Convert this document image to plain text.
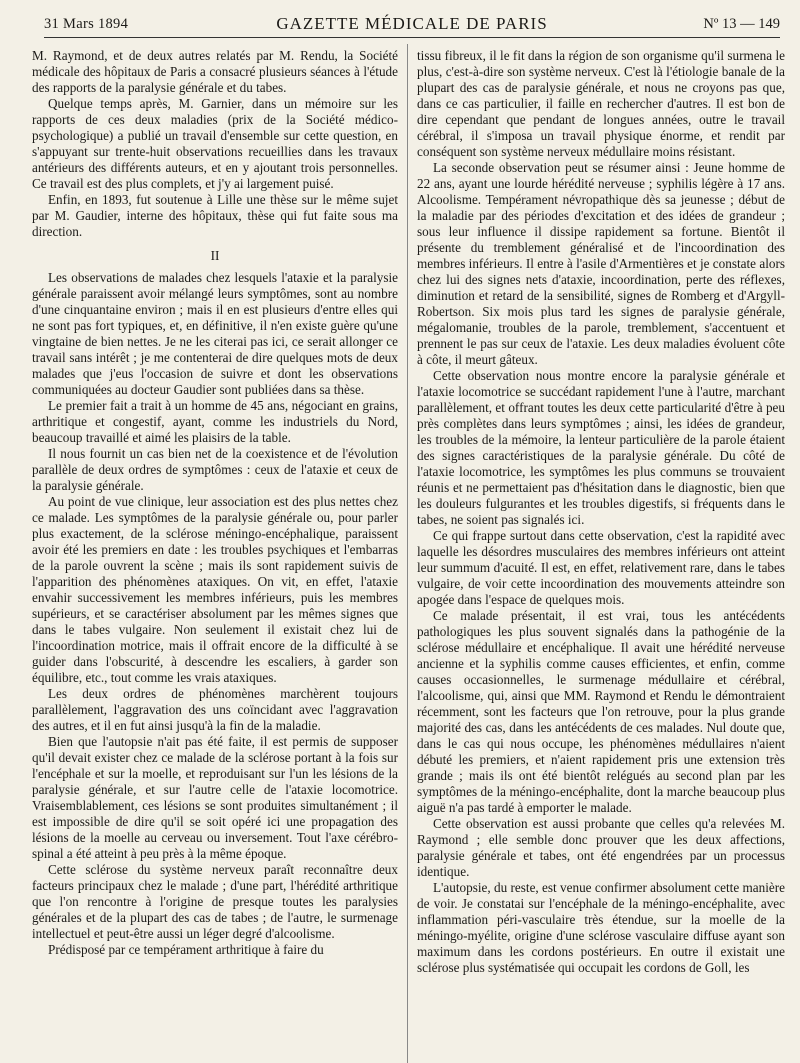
31 Mars 1894	GAZETTE MÉDICALE DE PARIS	Nº 13 — 149

M. Raymond, et de deux autres relatés par M. Rendu, la Société médicale des hôpitaux de Paris a consacré plusieurs séances à l'étude des rapports de la paralysie générale et du tabes.

Quelque temps après, M. Garnier, dans un mémoire sur les rapports de ces deux maladies (prix de la Société médico-psychologique) a publié un travail d'ensemble sur cette question, en s'appuyant sur trente-huit observations recueillies dans les travaux antérieurs des différents auteurs, et en y ajoutant trois personnelles. Ce travail est des plus complets, et j'y ai largement puisé.

Enfin, en 1893, fut soutenue à Lille une thèse sur le même sujet par M. Gaudier, interne des hôpitaux, thèse qui fut faite sous ma direction.

II

Les observations de malades chez lesquels l'ataxie et la paralysie générale paraissent avoir mélangé leurs symptômes, sont au nombre d'une cinquantaine environ ; mais il en est plusieurs d'entre elles qui ne sont pas fort typiques, et, en définitive, il n'en existe guère qu'une vingtaine de bien nettes. Je ne les citerai pas ici, ce serait allonger ce travail sans intérêt ; je me contenterai de dire quelques mots de deux malades que j'eus l'occasion de suivre et dont les observations communiquées au docteur Gaudier sont publiées dans sa thèse.

Le premier fait a trait à un homme de 45 ans, négociant en grains, arthritique et congestif, ayant, comme les industriels du Nord, beaucoup travaillé et aimé les plaisirs de la table.

Il nous fournit un cas bien net de la coexistence et de l'évolution parallèle de deux ordres de symptômes : ceux de l'ataxie et ceux de la paralysie générale.

Au point de vue clinique, leur association est des plus nettes chez ce malade. Les symptômes de la paralysie générale ou, pour parler plus exactement, de la sclérose méningo-encéphalique, paraissent avoir été les premiers en date : les troubles psychiques et l'embarras de la parole ouvrent la scène ; mais ils sont rapidement suivis de l'apparition des phénomènes ataxiques. On vit, en effet, l'ataxie envahir successivement les membres inférieurs, puis les membres supérieurs, et se caractériser absolument par les mêmes signes que dans le tabes vulgaire. Non seulement il existait chez lui de l'incoordination motrice, mais il offrait encore de la difficulté à se guider dans l'obscurité, à descendre les escaliers, à garder son équilibre, etc., tout comme les vrais ataxiques.

Les deux ordres de phénomènes marchèrent toujours parallèlement, l'aggravation des uns coïncidant avec l'aggravation des autres, et il en fut ainsi jusqu'à la fin de la maladie.

Bien que l'autopsie n'ait pas été faite, il est permis de supposer qu'il devait exister chez ce malade de la sclérose portant à la fois sur l'encéphale et sur la moelle, et reproduisant sur l'un les lésions de la paralysie générale, et sur l'autre celle de l'ataxie locomotrice. Vraisemblablement, ces lésions se sont produites simultanément ; il est impossible de dire qu'il se soit opéré ici une propagation des lésions de la moelle au cerveau ou inversement. Tout l'axe cérébro-spinal a été atteint à peu près à la même époque.

Cette sclérose du système nerveux paraît reconnaître deux facteurs principaux chez le malade ; d'une part, l'hérédité arthritique que l'on rencontre à l'origine de presque toutes les paralysies générales et de la plupart des cas de tabes ; de l'autre, le surmenage intellectuel et peut-être aussi un léger degré d'alcoolisme.

Prédisposé par ce tempérament arthritique à faire du

tissu fibreux, il le fit dans la région de son organisme qu'il surmena le plus, c'est-à-dire son système nerveux. C'est là l'étiologie banale de la plupart des cas de paralysie générale, et nous ne croyons pas que, dans ce cas particulier, il faille en rechercher d'autres. Il est bon de dire cependant que pendant de longues années, outre le travail cérébral, il s'imposa un travail physique énorme, et rendit par conséquent son système nerveux médullaire moins résistant.

La seconde observation peut se résumer ainsi : Jeune homme de 22 ans, ayant une lourde hérédité nerveuse ; syphilis légère à 17 ans. Alcoolisme. Tempérament névropathique dès sa jeunesse ; début de la maladie par des périodes d'excitation et des idées de grandeur ; sous leur influence il dissipe rapidement sa fortune. Bientôt il présente du tremblement généralisé et de l'incoordination des membres inférieurs. Il entre à l'asile d'Armentières et je constate alors chez lui des signes nets d'ataxie, incoordination, perte des réflexes, diminution et retard de la sensibilité, signes de Romberg et d'Argyll-Robertson. Six mois plus tard les signes de paralysie générale, mégalomanie, troubles de la parole, tremblement, s'accentuent et prennent le pas sur ceux de l'ataxie. Les deux maladies évoluent côte à côte, il meurt gâteux.

Cette observation nous montre encore la paralysie générale et l'ataxie locomotrice se succédant rapidement l'une à l'autre, marchant parallèlement, et offrant toutes les deux cette particularité d'être à peu près complètes dans leurs symptômes ; ainsi, les idées de grandeur, les troubles de la mémoire, la lenteur particulière de la parole étaient des signes caractéristiques de la paralysie générale. Du côté de l'ataxie locomotrice, les symptômes les plus communs se trouvaient réunis et ne permettaient pas d'hésitation dans le diagnostic, bien que les douleurs fulgurantes et les troubles digestifs, si fréquents dans le tabes, ne soient pas signalés ici.

Ce qui frappe surtout dans cette observation, c'est la rapidité avec laquelle les désordres musculaires des membres inférieurs ont atteint leur summum d'acuité. Il est, en effet, relativement rare, dans le tabes vulgaire, de voir cette incoordination des mouvements atteindre son apogée dans l'espace de quelques mois.

Ce malade présentait, il est vrai, tous les antécédents pathologiques les plus souvent signalés dans la pathogénie de la sclérose médullaire et encéphalique. Il avait une hérédité nerveuse ancienne et la syphilis comme causes efficientes, et enfin, comme causes occasionnelles, le surmenage médullaire et cérébral, l'alcoolisme, qui, ainsi que MM. Raymond et Rendu le démontraient récemment, sont les facteurs que l'on retrouve, pour la plus grande majorité des cas, dans les antécédents de ces malades. Nul doute que, dans le cas qui nous occupe, les phénomènes médullaires n'aient débuté les premiers, et n'aient rapidement pris une extension très grande ; mais ils ont été bientôt relégués au second plan par les symptômes de la méningo-encéphalite, dont la marche beaucoup plus aiguë n'a pas tardé à emporter le malade.

Cette observation est aussi probante que celles qu'a relevées M. Raymond ; elle semble donc prouver que les deux affections, paralysie générale et tabes, ont été engendrées par un processus identique.

L'autopsie, du reste, est venue confirmer absolument cette manière de voir. Je constatai sur l'encéphale de la méningo-encéphalite, avec inflammation péri-vasculaire très étendue, sur la moelle de la méningo-myélite, origine d'une sclérose vasculaire diffuse ayant son maximum dans les cordons postérieurs. En outre il existait une sclérose plus systématisée qui occupait les cordons de Goll, les
